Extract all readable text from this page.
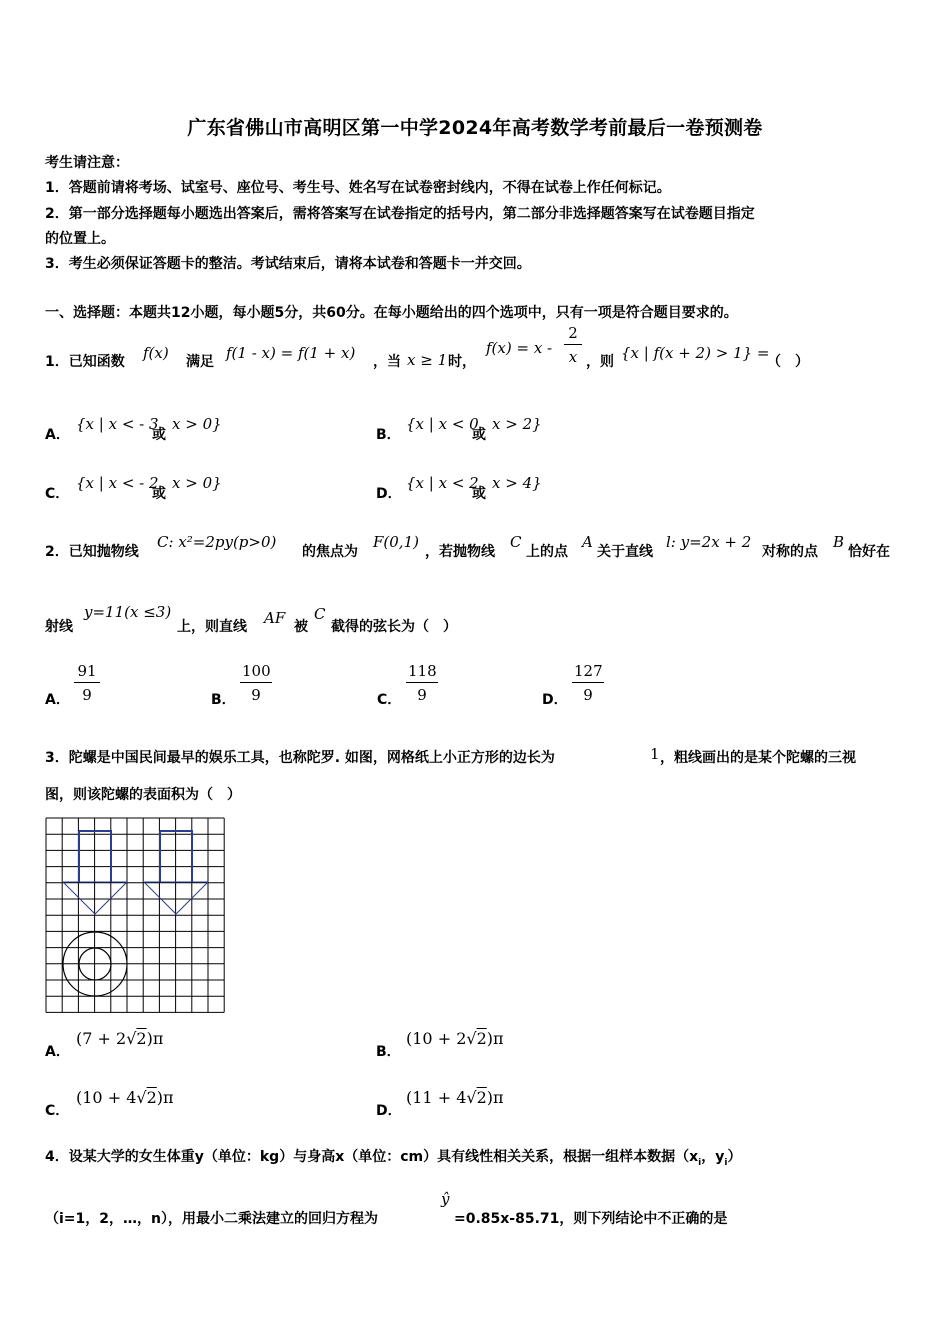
广东省佛山市高明区第一中学2024年高考数学考前最后一卷预测卷
考生请注意：
1．答题前请将考场、试室号、座位号、考生号、姓名写在试卷密封线内，不得在试卷上作任何标记。
2．第一部分选择题每小题选出答案后，需将答案写在试卷指定的括号内，第二部分非选择题答案写在试卷题目指定
的位置上。
3．考生必须保证答题卡的整洁。考试结束后，请将本试卷和答题卡一并交回。
一、选择题：本题共12小题，每小题5分，共60分。在每小题给出的四个选项中，只有一项是符合题目要求的。
1．已知函数 f(x) 满足 f(1 - x) = f(1 + x) ，当 x ≥ 1 时，
f(x) = x -
2
x ，则 {x | f(x + 2) > 1} =
（　）
A．
{x | x < - 3
或
x > 0}
B．
{x | x < 0
或
x > 2}
C．
{x | x < - 2
或
x > 0}
D．
{x | x < 2
或
x > 4}
2．已知抛物线
C: x²=2py(p>0)
的焦点为
F(0,1)
，若抛物线
C
上的点
A
关于直线
l: y=2x + 2
对称的点
B
恰好在
射线
y=11(x ≤3)
上，则直线 AF 被
C
截得的弦长为（　）
A．
91
9	B．
100
9	C．
118
9	D．
127
9
3．陀螺是中国民间最早的娱乐工具，也称陀罗. 如图，网格纸上小正方形的边长为	1 ，粗线画出的是某个陀螺的三视
图，则该陀螺的表面积为（　）
A．
(7 + 2√2)π
B．
(10 + 2√2)π
C．
(10 + 4√2)π
D．
(11 + 4√2)π
4．设某大学的女生体重y（单位：kg）与身高x（单位：cm）具有线性相关关系，根据一组样本数据（$x_i$，$y_i$）
（i=1，2，…，n），用最小二乘法建立的回归方程为
ŷ
=0.85x-85.71，则下列结论中不正确的是
